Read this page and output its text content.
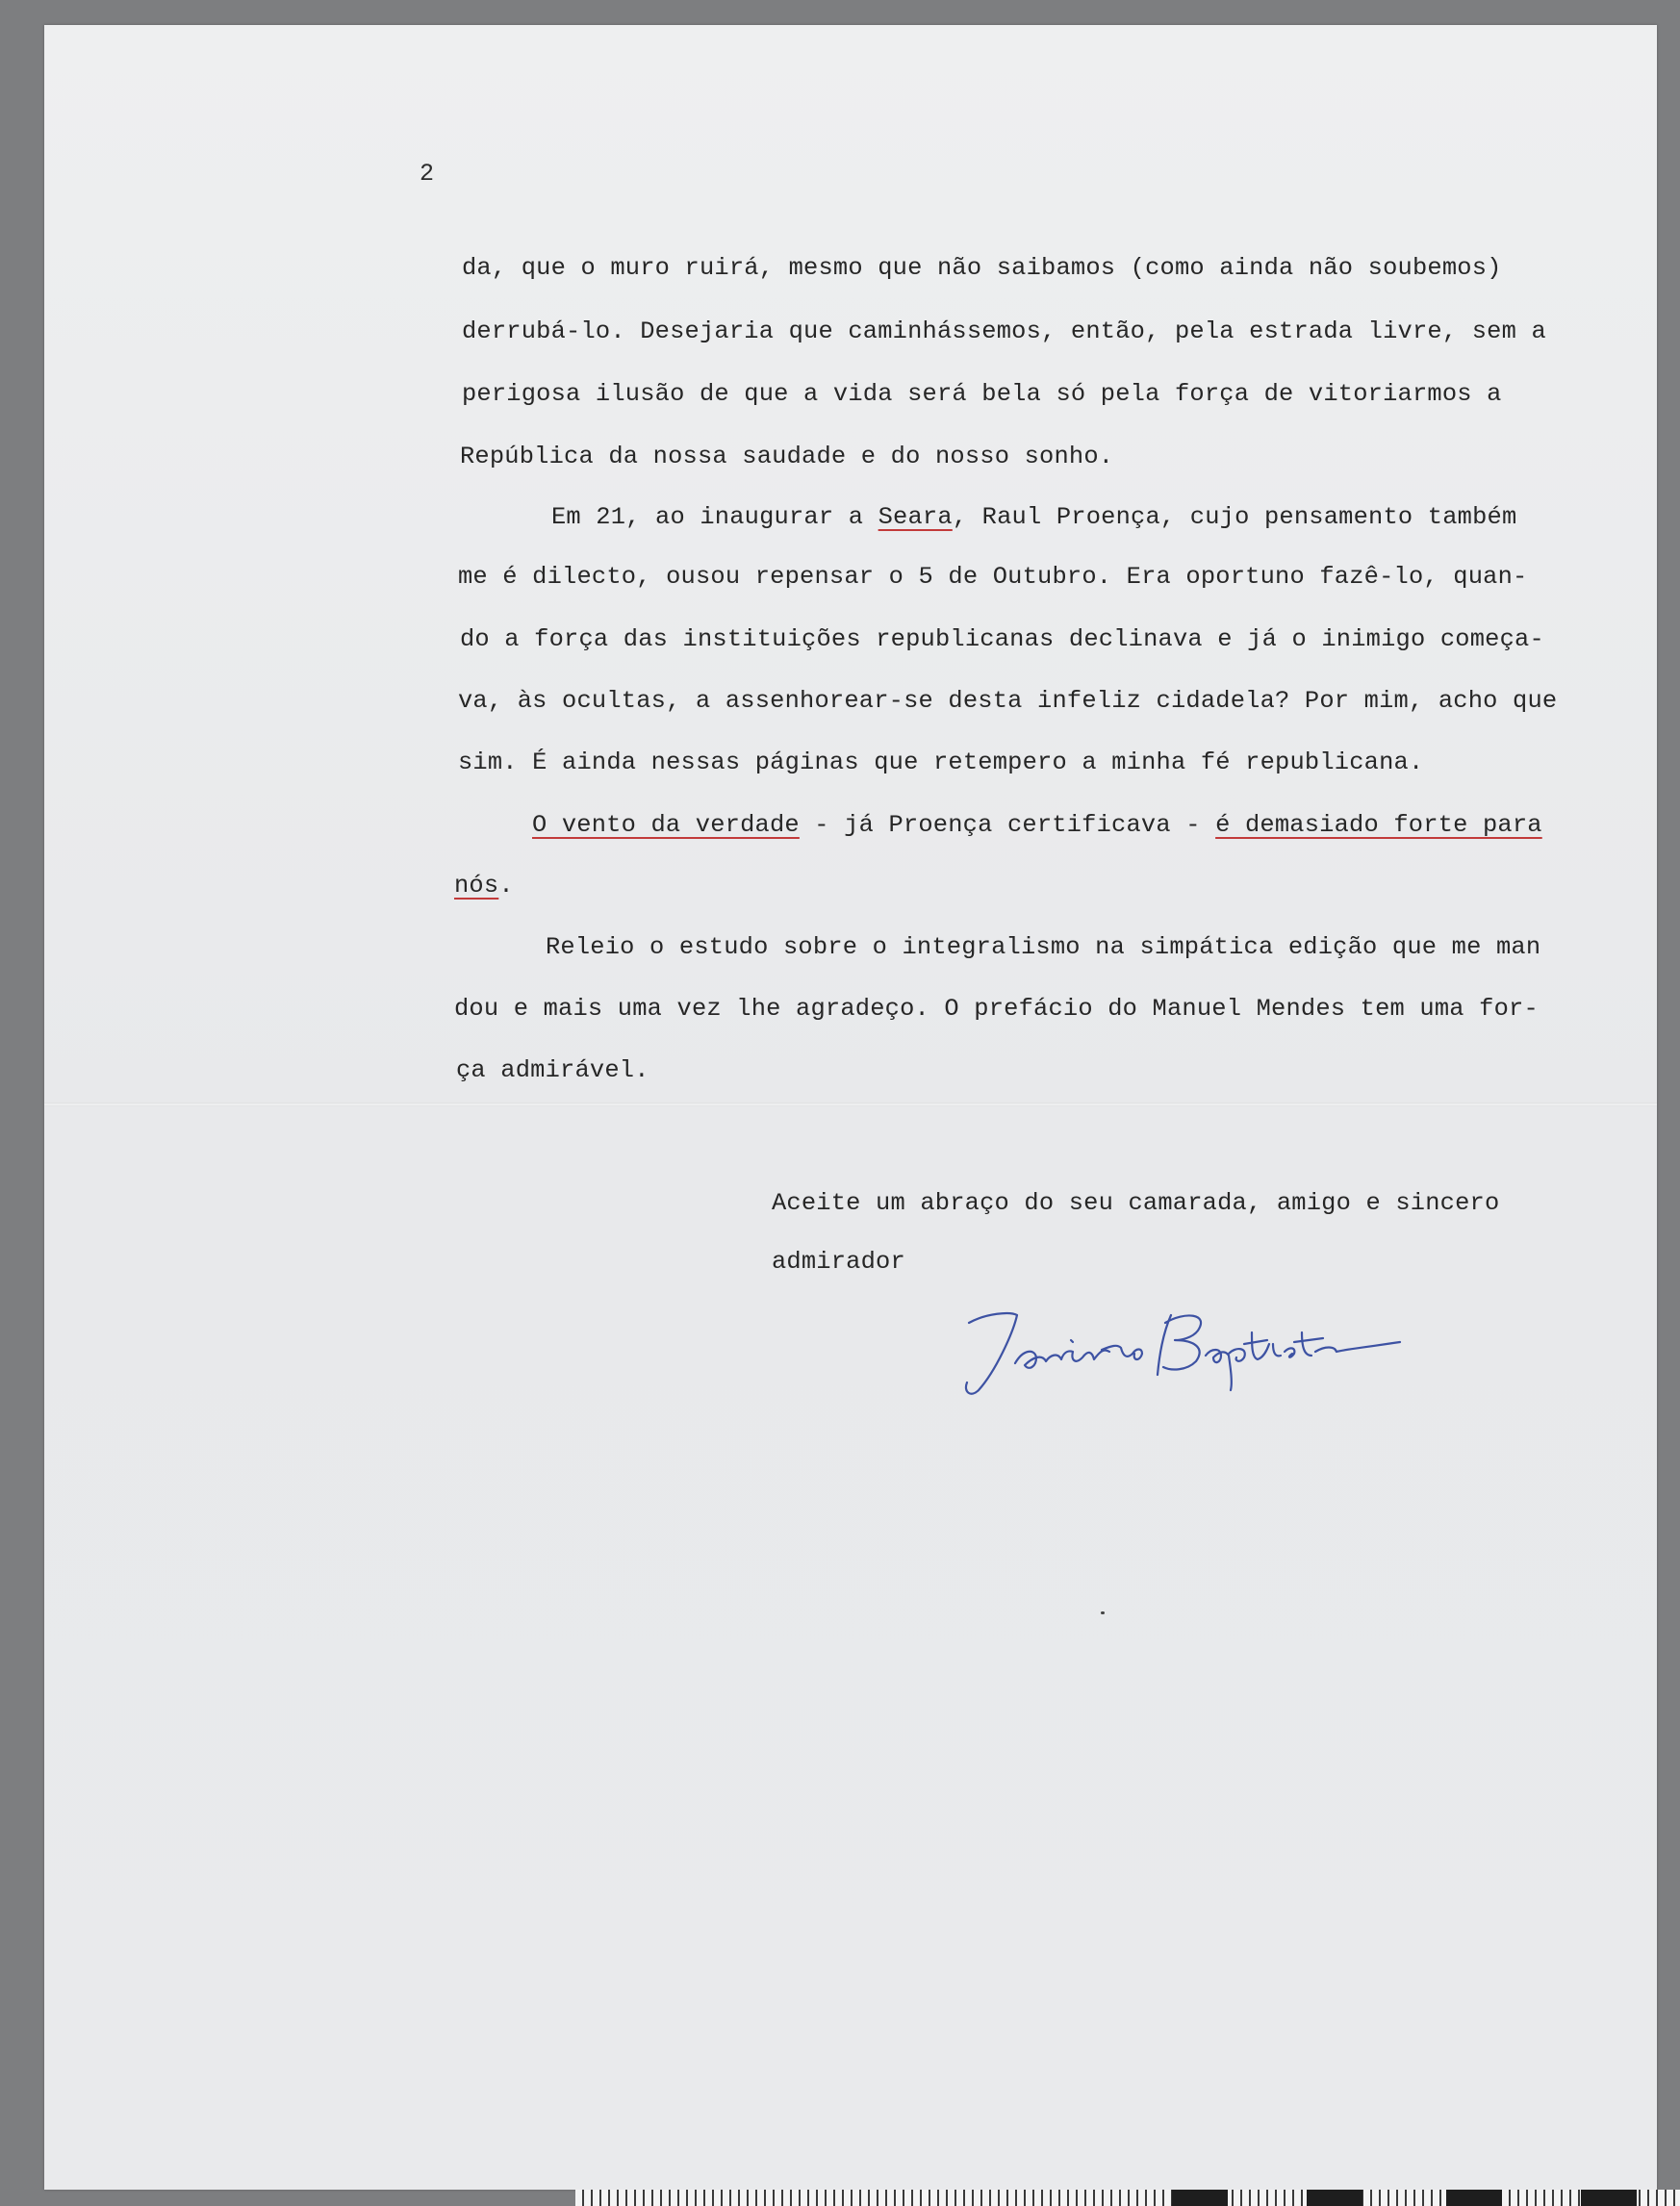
2
da, que o muro ruirá, mesmo que não saibamos (como ainda não soubemos)
derrubá-lo. Desejaria que caminhássemos, então, pela estrada livre, sem a
perigosa ilusão de que a vida será bela só pela força de vitoriarmos a
República da nossa saudade e do nosso sonho.
Em 21, ao inaugurar a Seara, Raul Proença, cujo pensamento também
me é dilecto, ousou repensar o 5 de Outubro. Era oportuno fazê-lo, quan-
do a força das instituições republicanas declinava e já o inimigo começa-
va, às ocultas, a assenhorear-se desta infeliz cidadela? Por mim, acho que
sim. É ainda nessas páginas que retempero a minha fé republicana.
O vento da verdade - já Proença certificava - é demasiado forte para
nós.
Releio o estudo sobre o integralismo na simpática edição que me man
dou e mais uma vez lhe agradeço. O prefácio do Manuel Mendes tem uma for-
ça admirável.
Aceite um abraço do seu camarada, amigo e sincero
admirador
